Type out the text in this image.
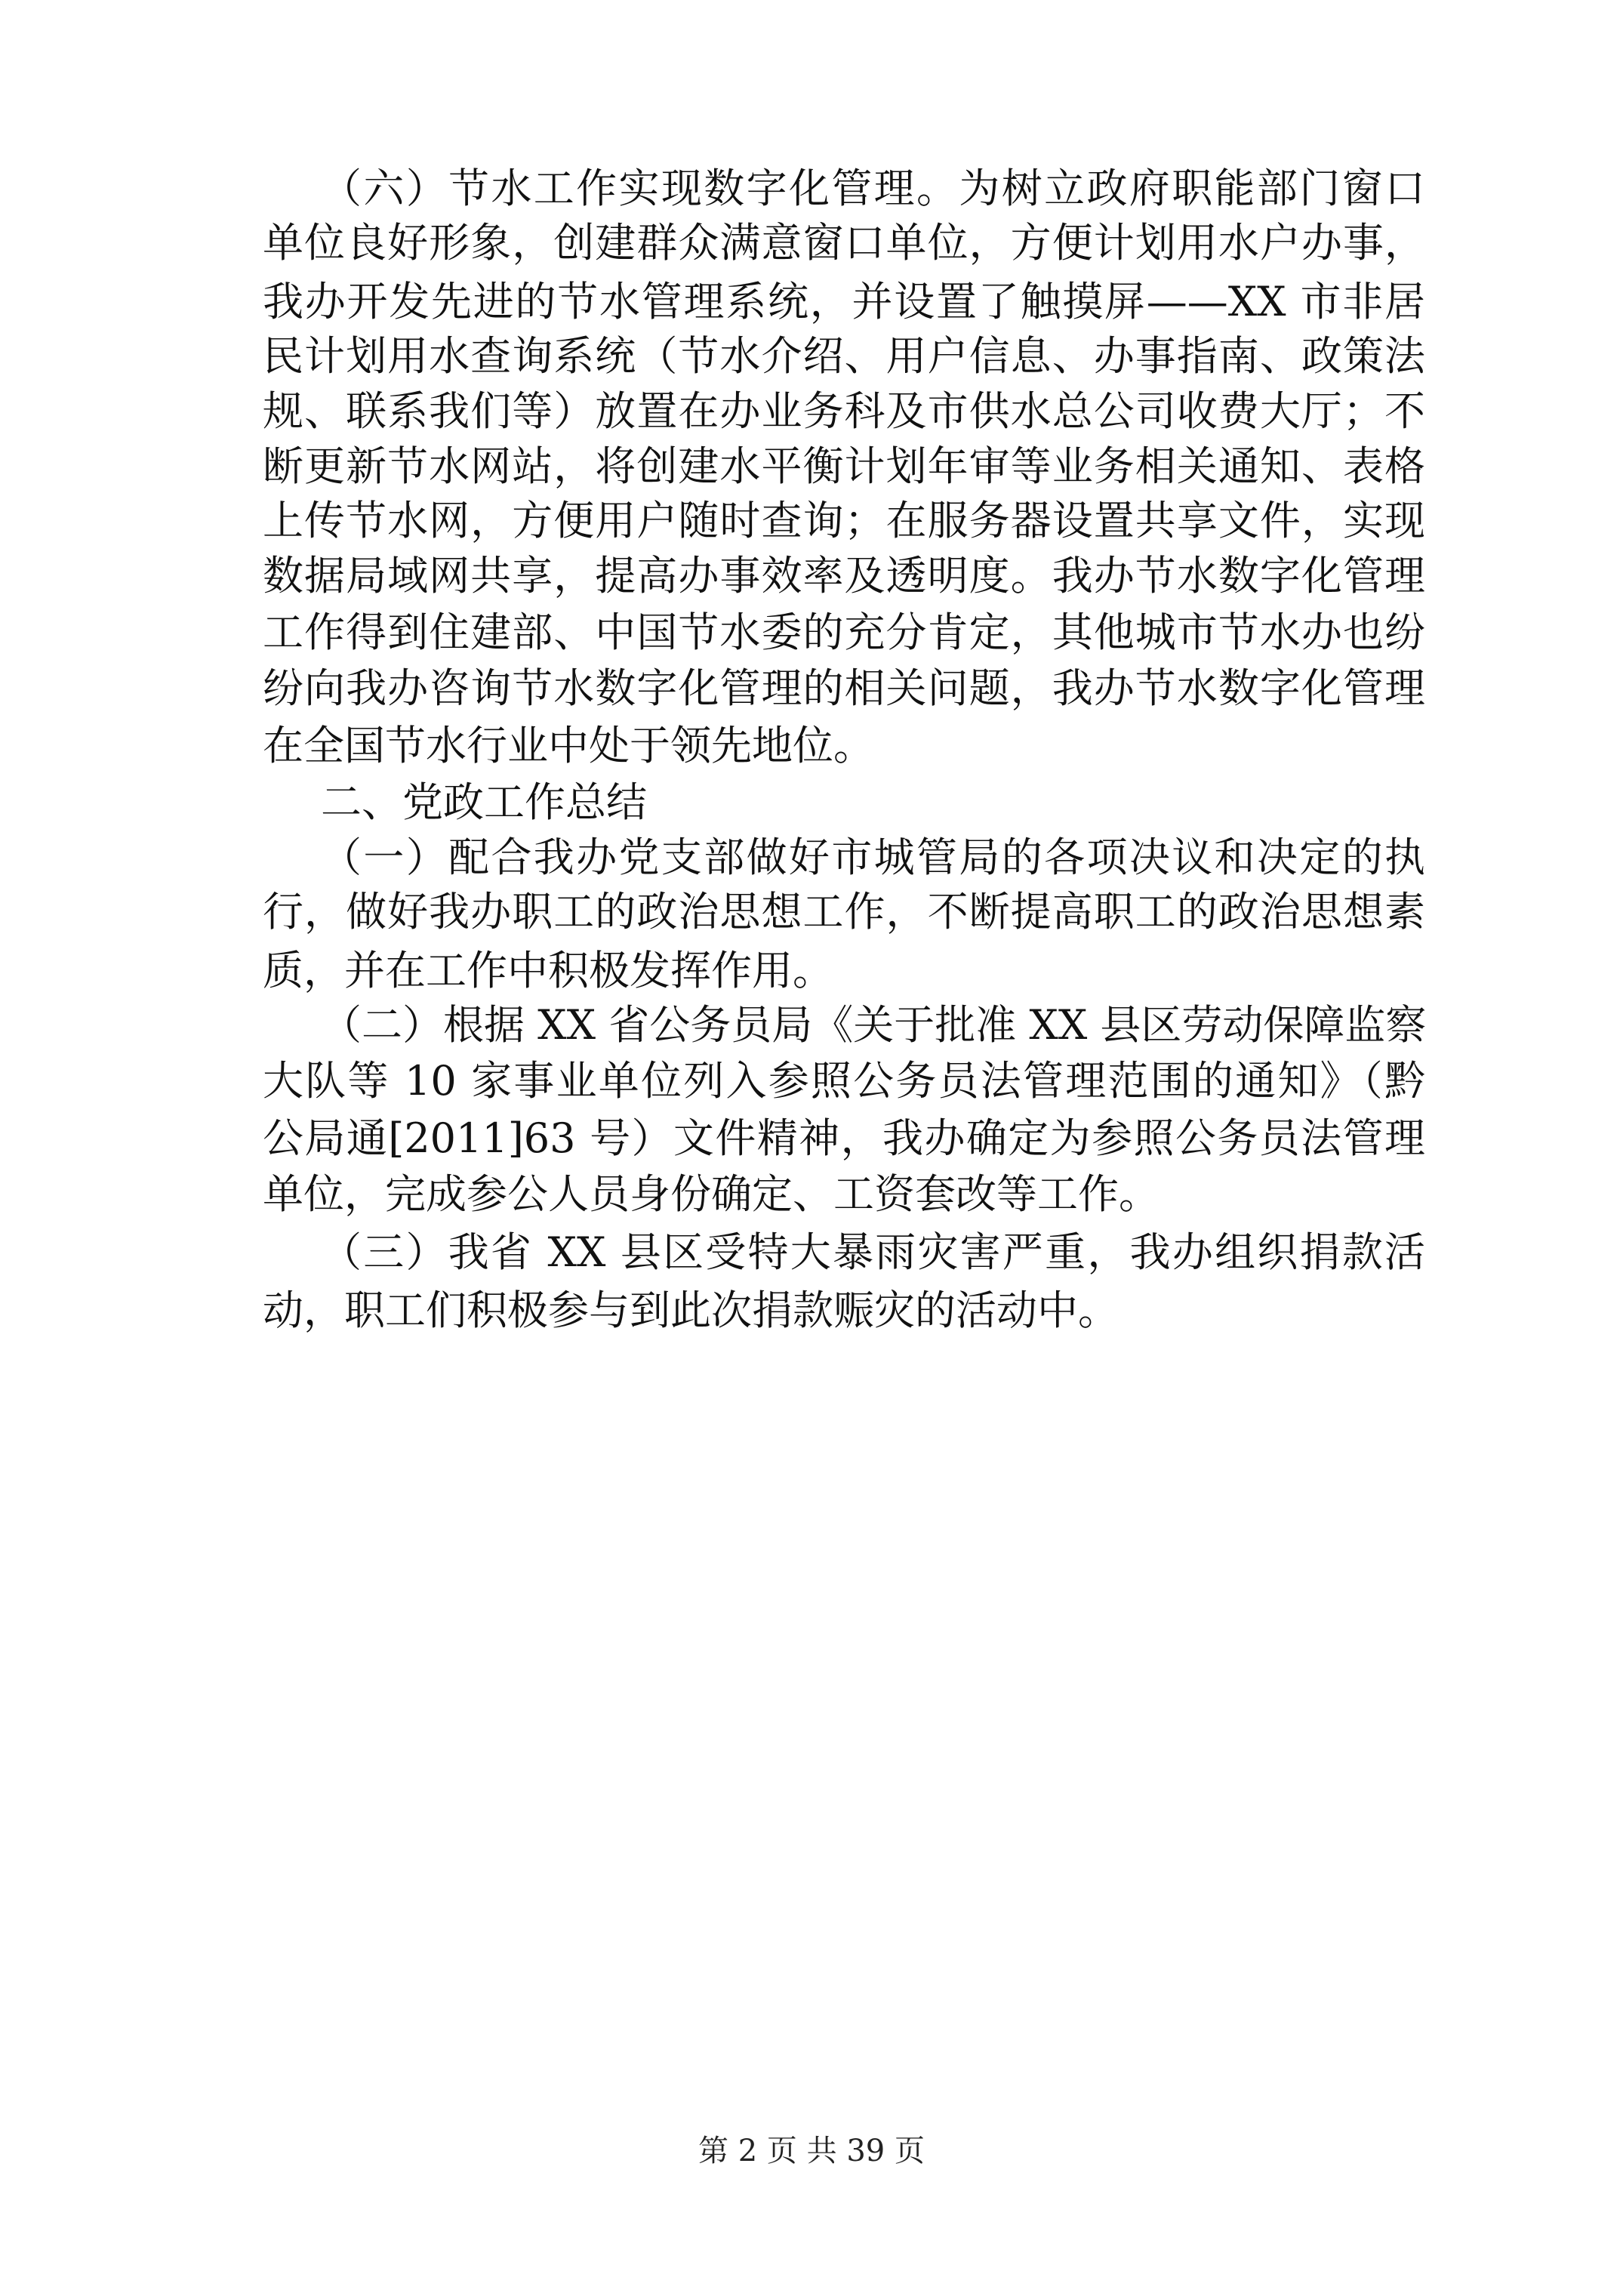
（六）节水工作实现数字化管理。为树立政府职能部门窗口
单位良好形象，创建群众满意窗口单位，方便计划用水户办事，
我办开发先进的节水管理系统，并设置了触摸屏——XX 市非居
民计划用水查询系统（节水介绍、用户信息、办事指南、政策法
规、联系我们等）放置在办业务科及市供水总公司收费大厅；不
断更新节水网站，将创建水平衡计划年审等业务相关通知、表格
上传节水网，方便用户随时查询；在服务器设置共享文件，实现
数据局域网共享，提高办事效率及透明度。我办节水数字化管理
工作得到住建部、中国节水委的充分肯定，其他城市节水办也纷
纷向我办咨询节水数字化管理的相关问题，我办节水数字化管理
在全国节水行业中处于领先地位。
二、党政工作总结
（一）配合我办党支部做好市城管局的各项决议和决定的执
行，做好我办职工的政治思想工作，不断提高职工的政治思想素
质，并在工作中积极发挥作用。
（二）根据 XX 省公务员局《关于批准 XX 县区劳动保障监察
大队等 10 家事业单位列入参照公务员法管理范围的通知》（黔
公局通[2011]63 号）文件精神，我办确定为参照公务员法管理
单位，完成参公人员身份确定、工资套改等工作。
（三）我省 XX 县区受特大暴雨灾害严重，我办组织捐款活
动，职工们积极参与到此次捐款赈灾的活动中。
第 2 页 共 39 页
